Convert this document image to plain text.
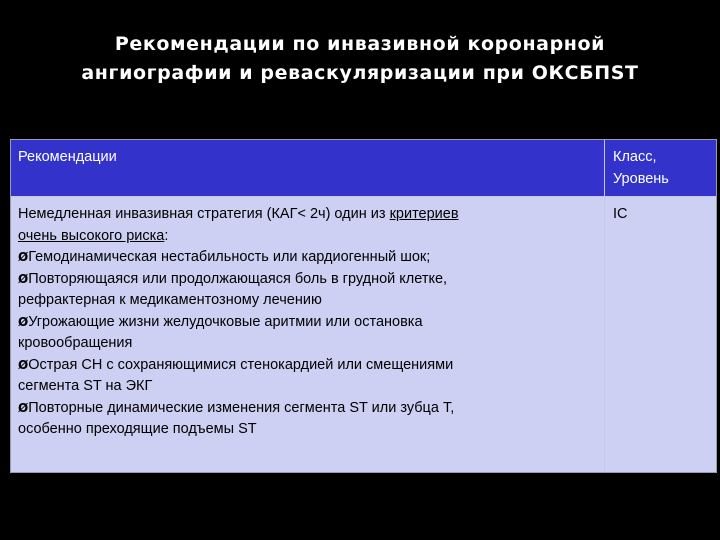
Рекомендации по инвазивной коронарной
ангиографии и реваскуляризации при ОКСБПST
Рекомендации	Класс,
Уровень
Немедленная инвазивная стратегия (КАГ< 2ч) один из критериев
очень высокого риска:
ØГемодинамическая нестабильность или кардиогенный шок;
ØПовторяющаяся или продолжающаяся боль в грудной клетке,
рефрактерная к медикаментозному лечению
ØУгрожающие жизни желудочковые аритмии или остановка
кровообращения
ØОстрая СН с сохраняющимися стенокардией или смещениями
сегмента ST на ЭКГ
ØПовторные динамические изменения сегмента ST или зубца T,
особенно преходящие подъемы ST
IC
